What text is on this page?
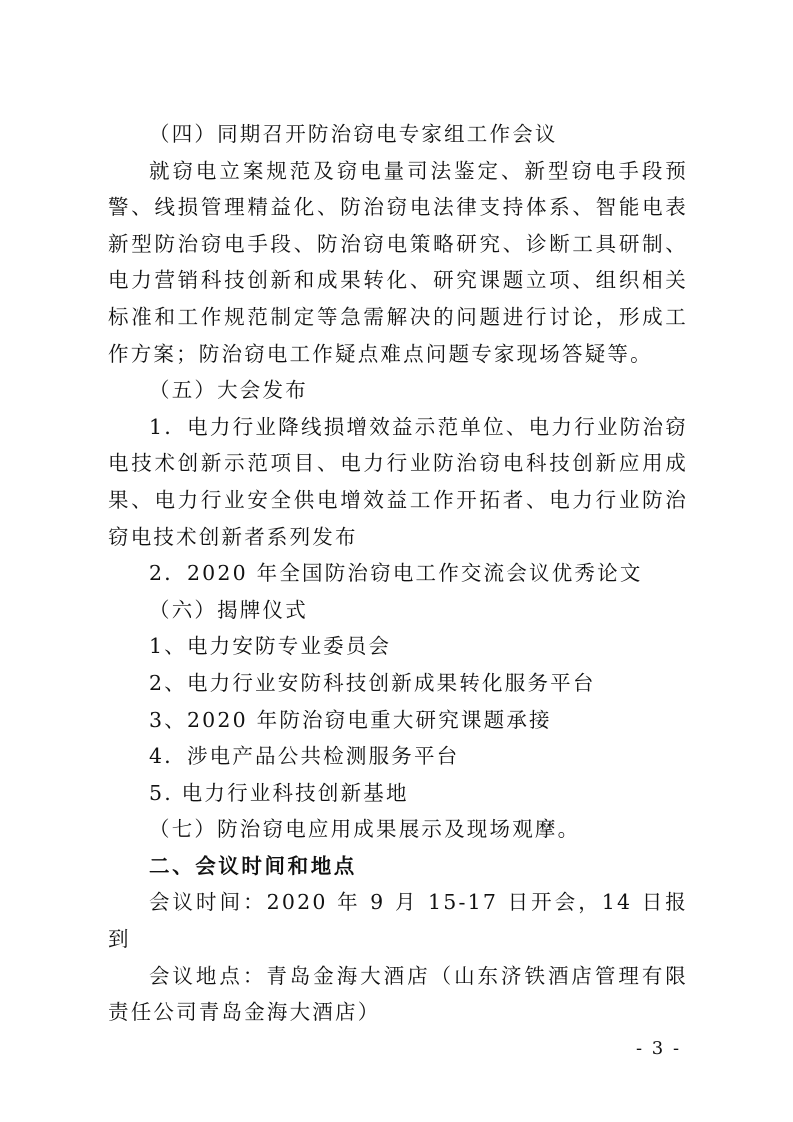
（四）同期召开防治窃电专家组工作会议

就窃电立案规范及窃电量司法鉴定、新型窃电手段预警、线损管理精益化、防治窃电法律支持体系、智能电表新型防治窃电手段、防治窃电策略研究、诊断工具研制、电力营销科技创新和成果转化、研究课题立项、组织相关标准和工作规范制定等急需解决的问题进行讨论，形成工作方案；防治窃电工作疑点难点问题专家现场答疑等。

（五）大会发布

1．电力行业降线损增效益示范单位、电力行业防治窃电技术创新示范项目、电力行业防治窃电科技创新应用成果、电力行业安全供电增效益工作开拓者、电力行业防治窃电技术创新者系列发布

2．2020 年全国防治窃电工作交流会议优秀论文

（六）揭牌仪式

1、电力安防专业委员会

2、电力行业安防科技创新成果转化服务平台

3、2020 年防治窃电重大研究课题承接

4．涉电产品公共检测服务平台

5. 电力行业科技创新基地

（七）防治窃电应用成果展示及现场观摩。

二、会议时间和地点

会议时间：2020 年 9 月 15-17 日开会，14 日报到

会议地点：青岛金海大酒店（山东济铁酒店管理有限责任公司青岛金海大酒店）

- 3 -
